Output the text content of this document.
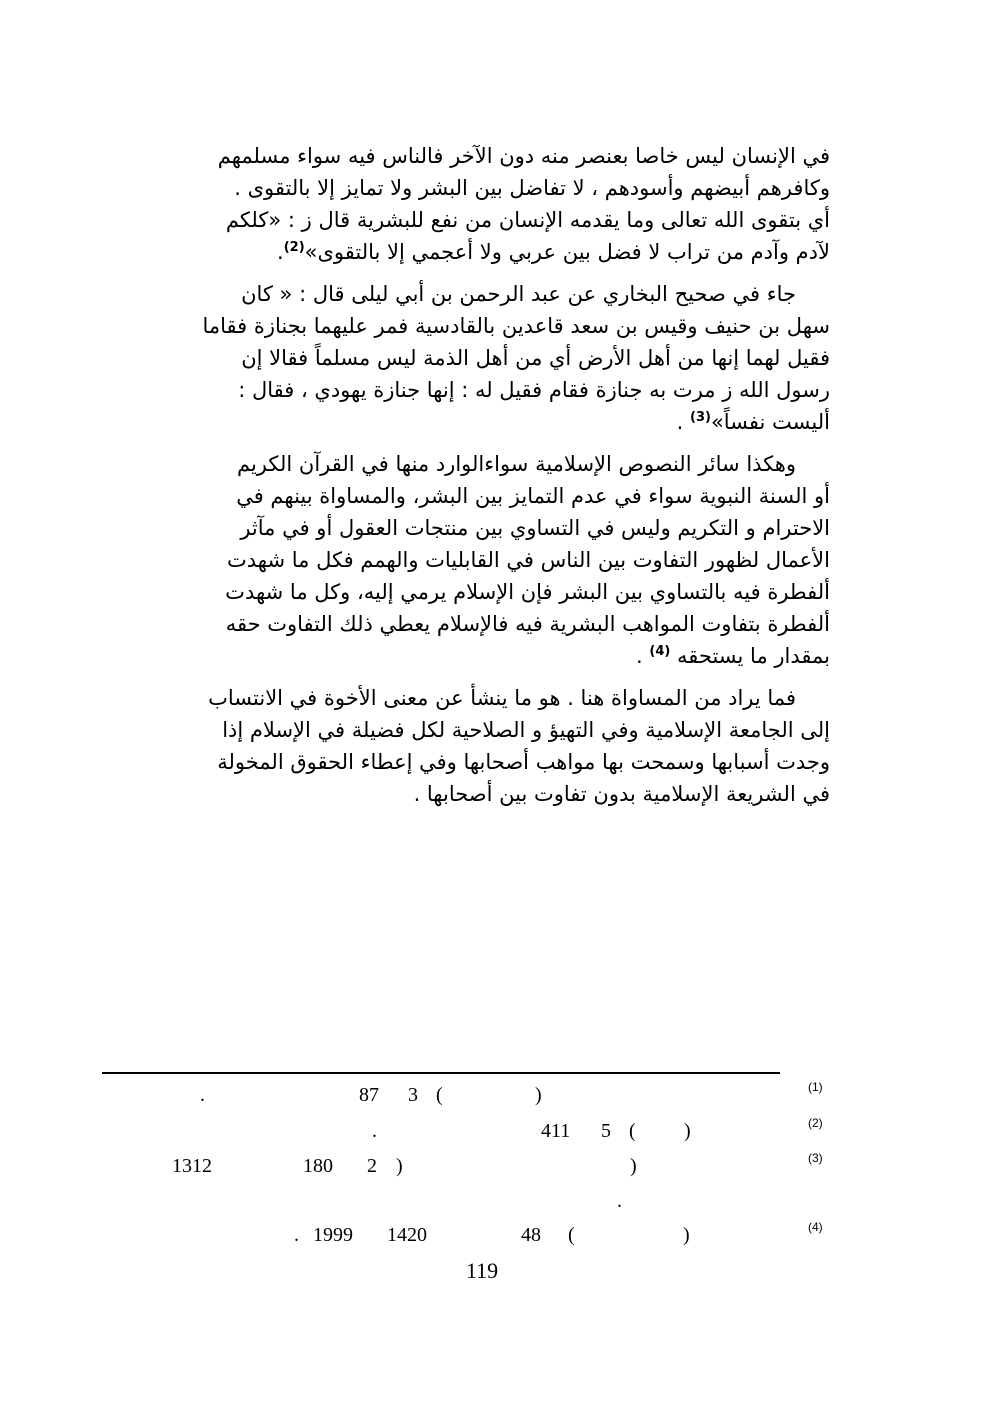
في الإنسان ليس خاصا بعنصر منه دون الآخر فالناس فيه سواء مسلمهم
وكافرهم أبيضهم وأسودهم ، لا تفاضل بين البشر ولا تمايز إلا بالتقوى .
أي بتقوى الله تعالى وما يقدمه الإنسان من نفع للبشرية قال ز : «كلكم
لآدم وآدم من تراب لا فضل بين عربي ولا أعجمي إلا بالتقوى»$^{(2)}$.

جاء في صحيح البخاري عن عبد الرحمن بن أبي ليلى قال : « كان
سهل بن حنيف وقيس بن سعد قاعدين بالقادسية فمر عليهما بجنازة فقاما
فقيل لهما إنها من أهل الأرض أي من أهل الذمة ليس مسلماً فقالا إن
رسول الله ز مرت به جنازة فقام فقيل له : إنها جنازة يهودي ، فقال :
أليست نفساً»$^{(3)}$ .

وهكذا سائر النصوص الإسلامية سواءالوارد منها في القرآن الكريم
أو السنة النبوية سواء في عدم التمايز بين البشر، والمساواة بينهم في
الاحترام و التكريم وليس في التساوي بين منتجات العقول أو في مآثر
الأعمال لظهور التفاوت بين الناس في القابليات والهمم فكل ما شهدت
ألفطرة فيه بالتساوي بين البشر فإن الإسلام يرمي إليه، وكل ما شهدت
ألفطرة بتفاوت المواهب البشرية فيه فالإسلام يعطي ذلك التفاوت حقه
بمقدار ما يستحقه $^{(4)}$ .

فما يراد من المساواة هنا . هو ما ينشأ عن معنى الأخوة في الانتساب
إلى الجامعة الإسلامية وفي التهيؤ و الصلاحية لكل فضيلة في الإسلام إذا
وجدت أسبابها وسمحت بها مواهب أصحابها وفي إعطاء الحقوق المخولة
في الشريعة الإسلامية بدون تفاوت بين أصحابها .

(1)
.	87 3 (	)
(2)
.	411 5 ( )
(3)
1312	180 2 )	)
.
(4)
. 1999 1420	48 (	)
119
